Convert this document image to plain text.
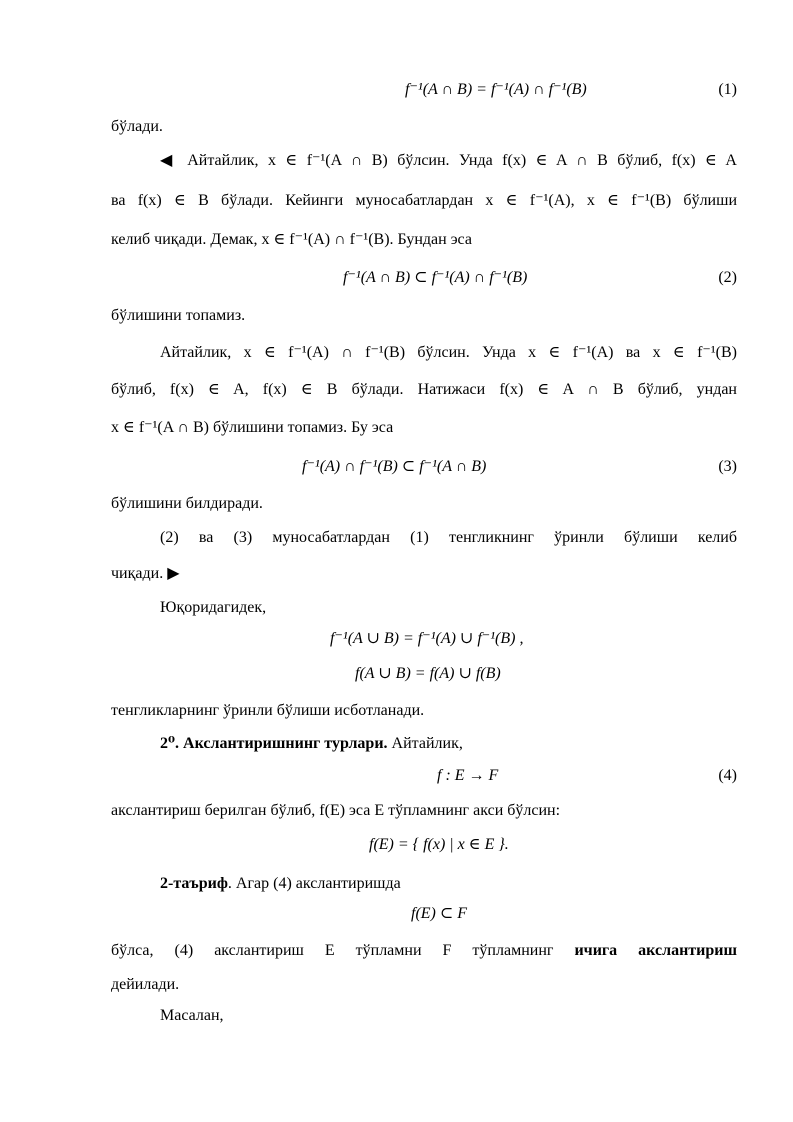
f⁻¹(A ∩ B) = f⁻¹(A) ∩ f⁻¹(B)	(1)
бўлади.
◀ Айтайлик, x ∈ f⁻¹(A ∩ B) бўлсин. Унда f(x) ∈ A ∩ B бўлиб, f(x) ∈ A
ва f(x) ∈ B бўлади. Кейинги муносабатлардан x ∈ f⁻¹(A), x ∈ f⁻¹(B) бўлиши
келиб чиқади. Демак, x ∈ f⁻¹(A) ∩ f⁻¹(B). Бундан эса
f⁻¹(A ∩ B) ⊂ f⁻¹(A) ∩ f⁻¹(B)	(2)
бўлишини топамиз.
Айтайлик, x ∈ f⁻¹(A) ∩ f⁻¹(B) бўлсин. Унда x ∈ f⁻¹(A) ва x ∈ f⁻¹(B)
бўлиб, f(x) ∈ A, f(x) ∈ B бўлади. Натижаси f(x) ∈ A ∩ B бўлиб, ундан
x ∈ f⁻¹(A ∩ B) бўлишини топамиз. Бу эса
f⁻¹(A) ∩ f⁻¹(B) ⊂ f⁻¹(A ∩ B)	(3)
бўлишини билдиради.
(2) ва (3) муносабатлардан (1) тенгликнинг ўринли бўлиши келиб
чиқади. ▶
Юқоридагидек,
f⁻¹(A ∪ B) = f⁻¹(A) ∪ f⁻¹(B) ,
f(A ∪ B) = f(A) ∪ f(B)
тенгликларнинг ўринли бўлиши исботланади.
2⁰. Акслантиришнинг турлари. Айтайлик,
f : E → F	(4)
акслантириш берилган бўлиб, f(E) эса E тўпламнинг акси бўлсин:
f(E) = { f(x) | x ∈ E }.
2-таъриф. Агар (4) акслантиришда
f(E) ⊂ F
бўлса, (4) акслантириш E тўпламни F тўпламнинг ичига акслантириш
дейилади.
Масалан,
